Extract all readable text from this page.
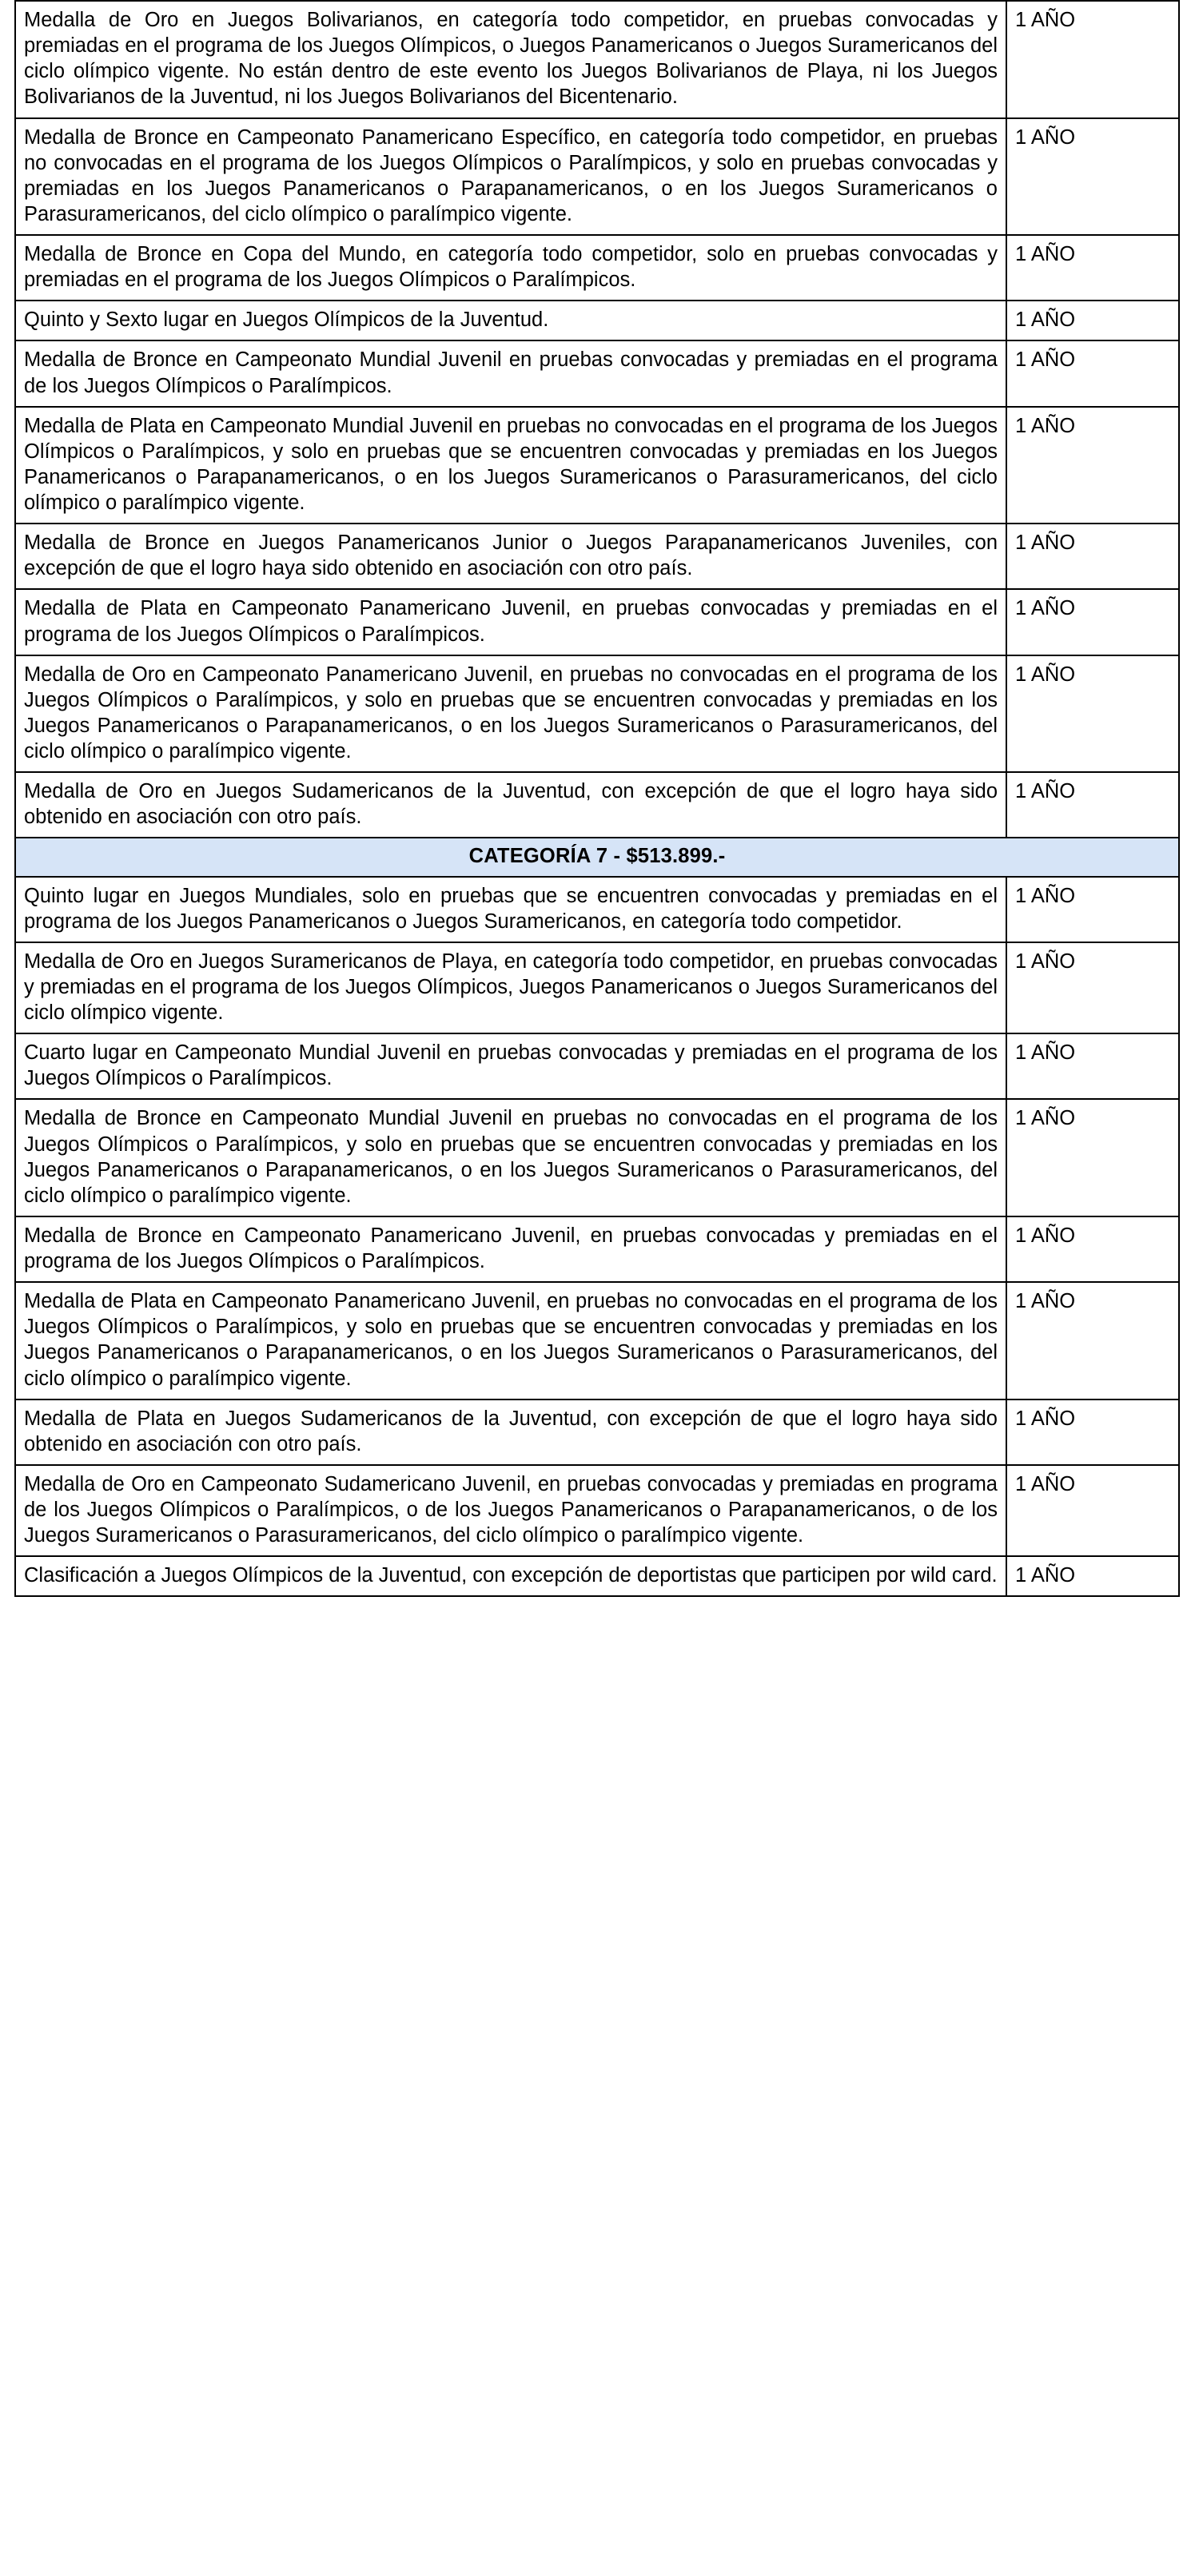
Medalla de Oro en Juegos Bolivarianos, en categoría todo competidor, en pruebas convocadas y premiadas en el programa de los Juegos Olímpicos, o Juegos Panamericanos o Juegos Suramericanos del ciclo olímpico vigente. No están dentro de este evento los Juegos Bolivarianos de Playa, ni los Juegos Bolivarianos de la Juventud, ni los Juegos Bolivarianos del Bicentenario.	1 AÑO
Medalla de Bronce en Campeonato Panamericano Específico, en categoría todo competidor, en pruebas no convocadas en el programa de los Juegos Olímpicos o Paralímpicos, y solo en pruebas convocadas y premiadas en los Juegos Panamericanos o Parapanamericanos, o en los Juegos Suramericanos o Parasuramericanos, del ciclo olímpico o paralímpico vigente.	1 AÑO
Medalla de Bronce en Copa del Mundo, en categoría todo competidor, solo en pruebas convocadas y premiadas en el programa de los Juegos Olímpicos o Paralímpicos.	1 AÑO
Quinto y Sexto lugar en Juegos Olímpicos de la Juventud.	1 AÑO
Medalla de Bronce en Campeonato Mundial Juvenil en pruebas convocadas y premiadas en el programa de los Juegos Olímpicos o Paralímpicos.	1 AÑO
Medalla de Plata en Campeonato Mundial Juvenil en pruebas no convocadas en el programa de los Juegos Olímpicos o Paralímpicos, y solo en pruebas que se encuentren convocadas y premiadas en los Juegos Panamericanos o Parapanamericanos, o en los Juegos Suramericanos o Parasuramericanos, del ciclo olímpico o paralímpico vigente.	1 AÑO
Medalla de Bronce en Juegos Panamericanos Junior o Juegos Parapanamericanos Juveniles, con excepción de que el logro haya sido obtenido en asociación con otro país.	1 AÑO
Medalla de Plata en Campeonato Panamericano Juvenil, en pruebas convocadas y premiadas en el programa de los Juegos Olímpicos o Paralímpicos.	1 AÑO
Medalla de Oro en Campeonato Panamericano Juvenil, en pruebas no convocadas en el programa de los Juegos Olímpicos o Paralímpicos, y solo en pruebas que se encuentren convocadas y premiadas en los Juegos Panamericanos o Parapanamericanos, o en los Juegos Suramericanos o Parasuramericanos, del ciclo olímpico o paralímpico vigente.	1 AÑO
Medalla de Oro en Juegos Sudamericanos de la Juventud, con excepción de que el logro haya sido obtenido en asociación con otro país.	1 AÑO
CATEGORÍA 7 - $513.899.-	
Quinto lugar en Juegos Mundiales, solo en pruebas que se encuentren convocadas y premiadas en el programa de los Juegos Panamericanos o Juegos Suramericanos, en categoría todo competidor.	1 AÑO
Medalla de Oro en Juegos Suramericanos de Playa, en categoría todo competidor, en pruebas convocadas y premiadas en el programa de los Juegos Olímpicos, Juegos Panamericanos o Juegos Suramericanos del ciclo olímpico vigente.	1 AÑO
Cuarto lugar en Campeonato Mundial Juvenil en pruebas convocadas y premiadas en el programa de los Juegos Olímpicos o Paralímpicos.	1 AÑO
Medalla de Bronce en Campeonato Mundial Juvenil en pruebas no convocadas en el programa de los Juegos Olímpicos o Paralímpicos, y solo en pruebas que se encuentren convocadas y premiadas en los Juegos Panamericanos o Parapanamericanos, o en los Juegos Suramericanos o Parasuramericanos, del ciclo olímpico o paralímpico vigente.	1 AÑO
Medalla de Bronce en Campeonato Panamericano Juvenil, en pruebas convocadas y premiadas en el programa de los Juegos Olímpicos o Paralímpicos.	1 AÑO
Medalla de Plata en Campeonato Panamericano Juvenil, en pruebas no convocadas en el programa de los Juegos Olímpicos o Paralímpicos, y solo en pruebas que se encuentren convocadas y premiadas en los Juegos Panamericanos o Parapanamericanos, o en los Juegos Suramericanos o Parasuramericanos, del ciclo olímpico o paralímpico vigente.	1 AÑO
Medalla de Plata en Juegos Sudamericanos de la Juventud, con excepción de que el logro haya sido obtenido en asociación con otro país.	1 AÑO
Medalla de Oro en Campeonato Sudamericano Juvenil, en pruebas convocadas y premiadas en programa de los Juegos Olímpicos o Paralímpicos, o de los Juegos Panamericanos o Parapanamericanos, o de los Juegos Suramericanos o Parasuramericanos, del ciclo olímpico o paralímpico vigente.	1 AÑO
Clasificación a Juegos Olímpicos de la Juventud, con excepción de deportistas que participen por wild card.	1 AÑO
